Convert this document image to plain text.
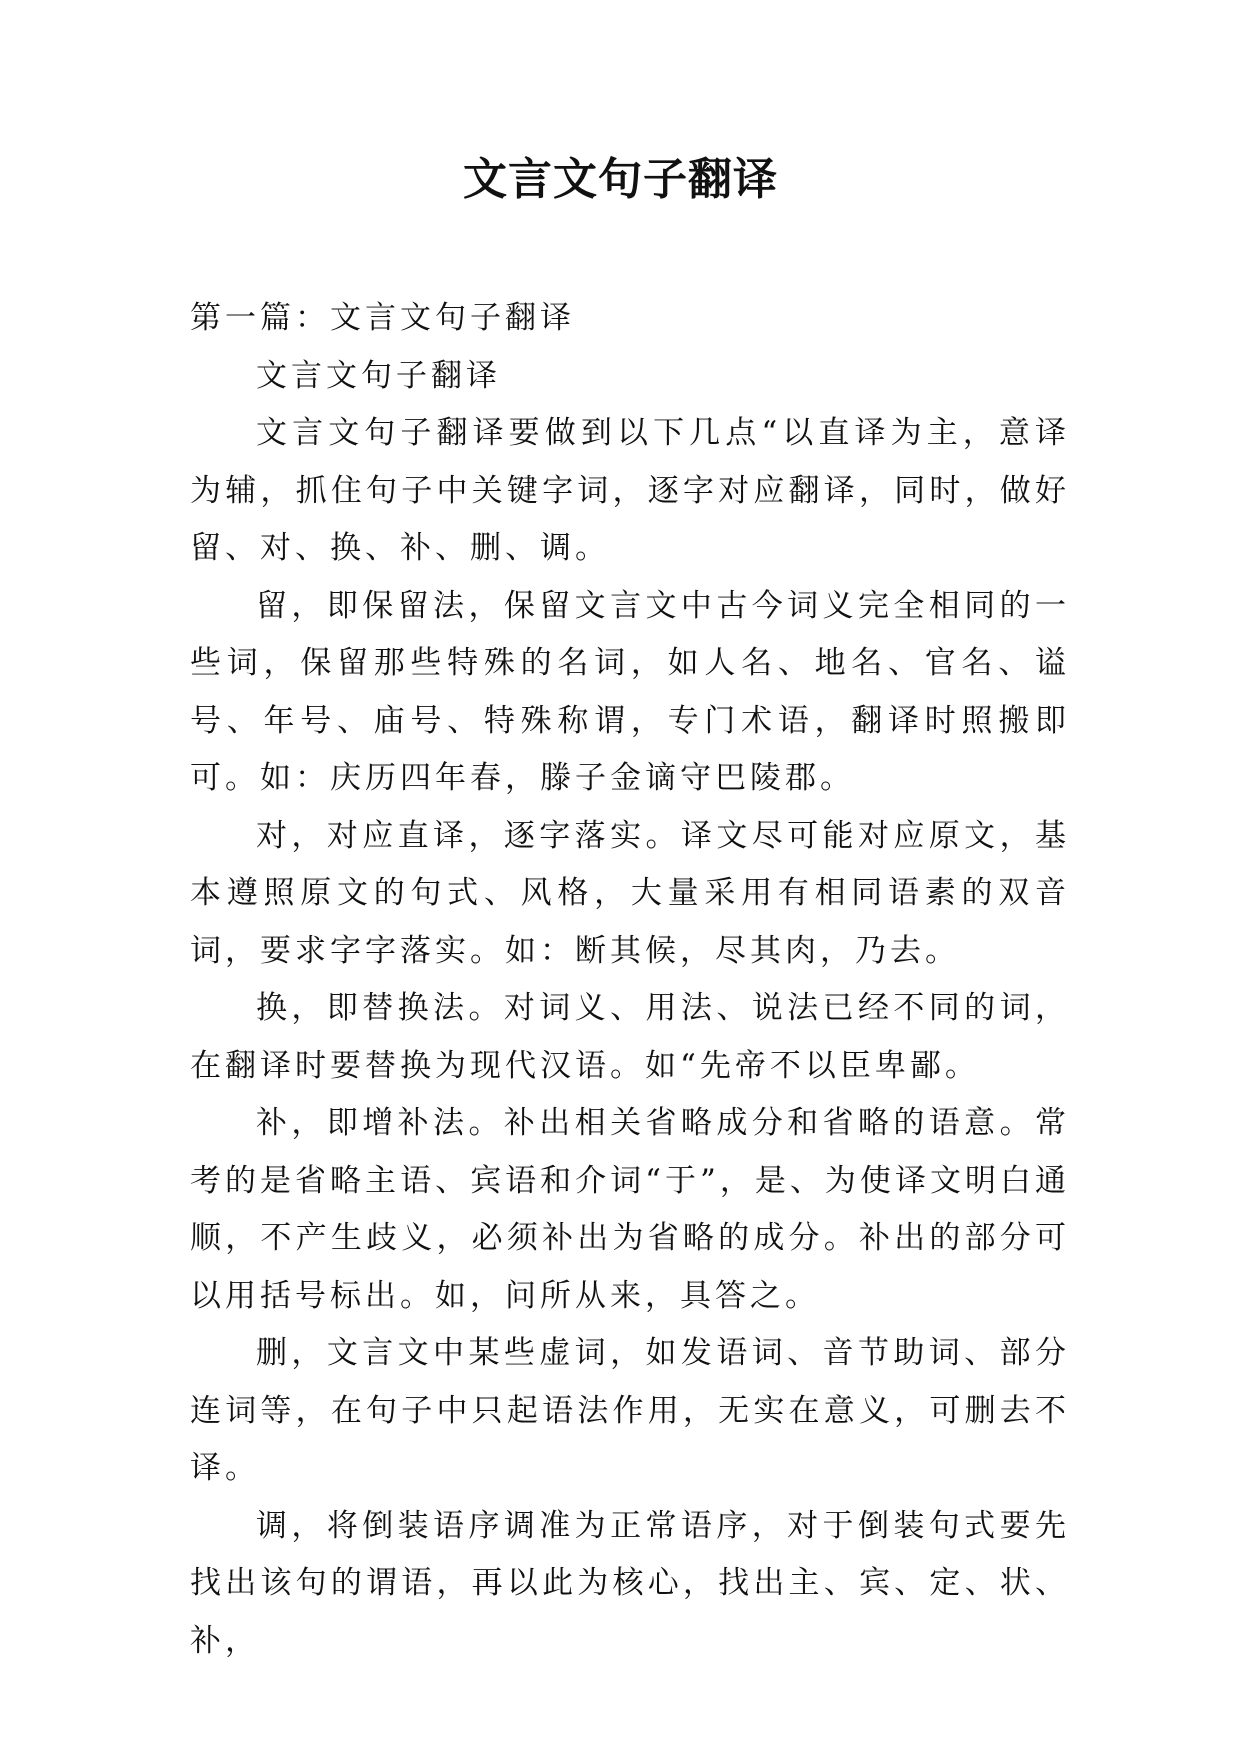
文言文句子翻译

第一篇：文言文句子翻译

文言文句子翻译

文言文句子翻译要做到以下几点“以直译为主，意译为辅，抓住句子中关键字词，逐字对应翻译，同时，做好留、对、换、补、删、调。

留，即保留法，保留文言文中古今词义完全相同的一些词，保留那些特殊的名词，如人名、地名、官名、谥号、年号、庙号、特殊称谓，专门术语，翻译时照搬即可。如：庆历四年春，滕子金谪守巴陵郡。

对，对应直译，逐字落实。译文尽可能对应原文，基本遵照原文的句式、风格，大量采用有相同语素的双音词，要求字字落实。如：断其候，尽其肉，乃去。

换，即替换法。对词义、用法、说法已经不同的词，在翻译时要替换为现代汉语。如“先帝不以臣卑鄙。

补，即增补法。补出相关省略成分和省略的语意。常考的是省略主语、宾语和介词“于”，是、为使译文明白通顺，不产生歧义，必须补出为省略的成分。补出的部分可以用括号标出。如，问所从来，具答之。

删，文言文中某些虚词，如发语词、音节助词、部分连词等，在句子中只起语法作用，无实在意义，可删去不译。

调，将倒装语序调准为正常语序，对于倒装句式要先找出该句的谓语，再以此为核心，找出主、宾、定、状、补，
